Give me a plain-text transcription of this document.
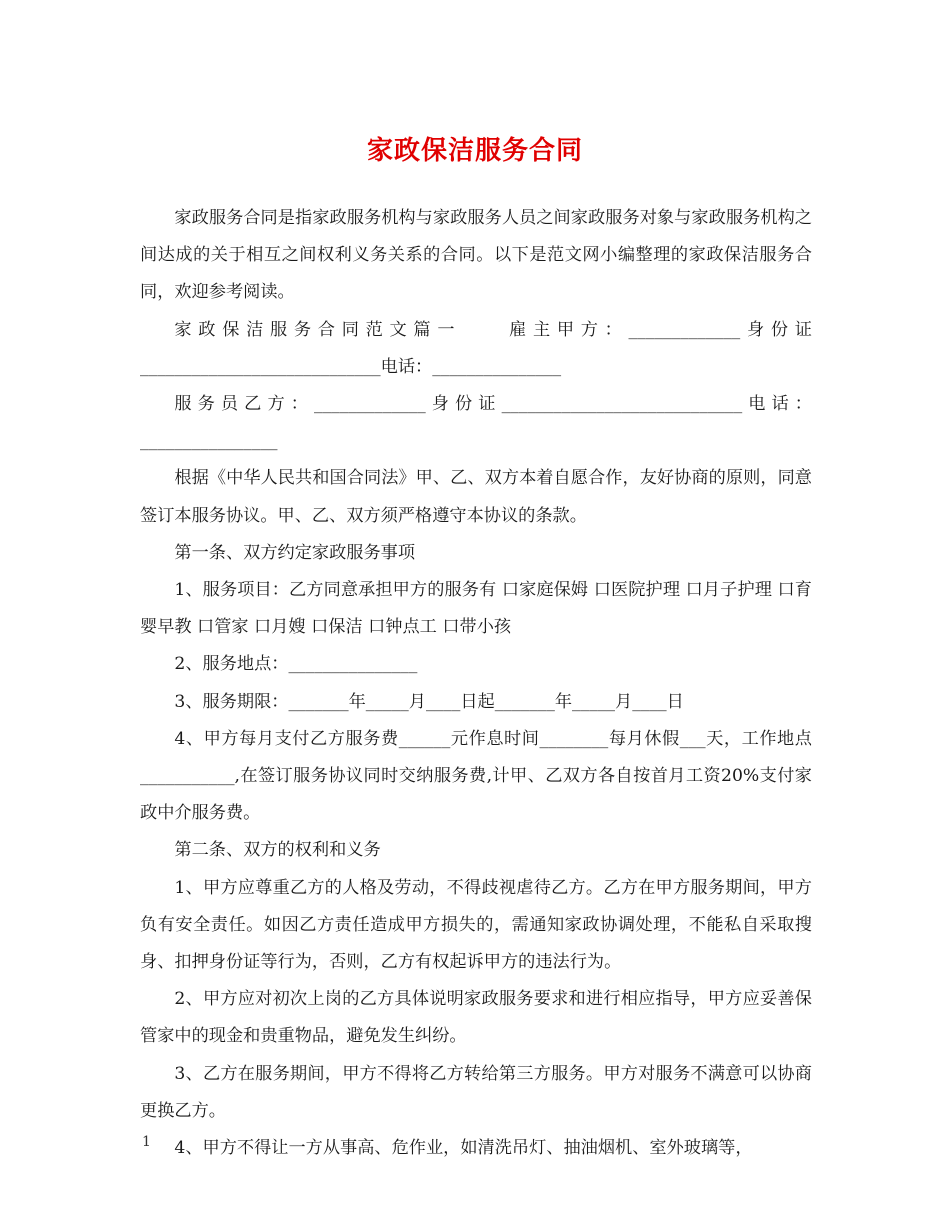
家政保洁服务合同

家政服务合同是指家政服务机构与家政服务人员之间家政服务对象与家政服务机构之间达成的关于相互之间权利义务关系的合同。以下是范文网小编整理的家政保洁服务合同，欢迎参考阅读。

家政保洁服务合同范文篇一　　雇主甲方：_____________身份证____________________________电话：_______________

服务员乙方：_____________身份证____________________________电话：________________

根据《中华人民共和国合同法》甲、乙、双方本着自愿合作，友好协商的原则，同意签订本服务协议。甲、乙、双方须严格遵守本协议的条款。

第一条、双方约定家政服务事项

1、服务项目：乙方同意承担甲方的服务有 口家庭保姆 口医院护理 口月子护理 口育婴早教 口管家 口月嫂 口保洁 口钟点工 口带小孩

2、服务地点：_______________

3、服务期限：_______年_____月____日起_______年_____月____日

4、甲方每月支付乙方服务费______元作息时间________每月休假___天，工作地点___________,在签订服务协议同时交纳服务费,计甲、乙双方各自按首月工资20%支付家政中介服务费。

第二条、双方的权利和义务

1、甲方应尊重乙方的人格及劳动，不得歧视虐待乙方。乙方在甲方服务期间，甲方负有安全责任。如因乙方责任造成甲方损失的，需通知家政协调处理，不能私自采取搜身、扣押身份证等行为，否则，乙方有权起诉甲方的违法行为。

2、甲方应对初次上岗的乙方具体说明家政服务要求和进行相应指导，甲方应妥善保管家中的现金和贵重物品，避免发生纠纷。

3、乙方在服务期间，甲方不得将乙方转给第三方服务。甲方对服务不满意可以协商更换乙方。

4、甲方不得让一方从事高、危作业，如清洗吊灯、抽油烟机、室外玻璃等，

1
